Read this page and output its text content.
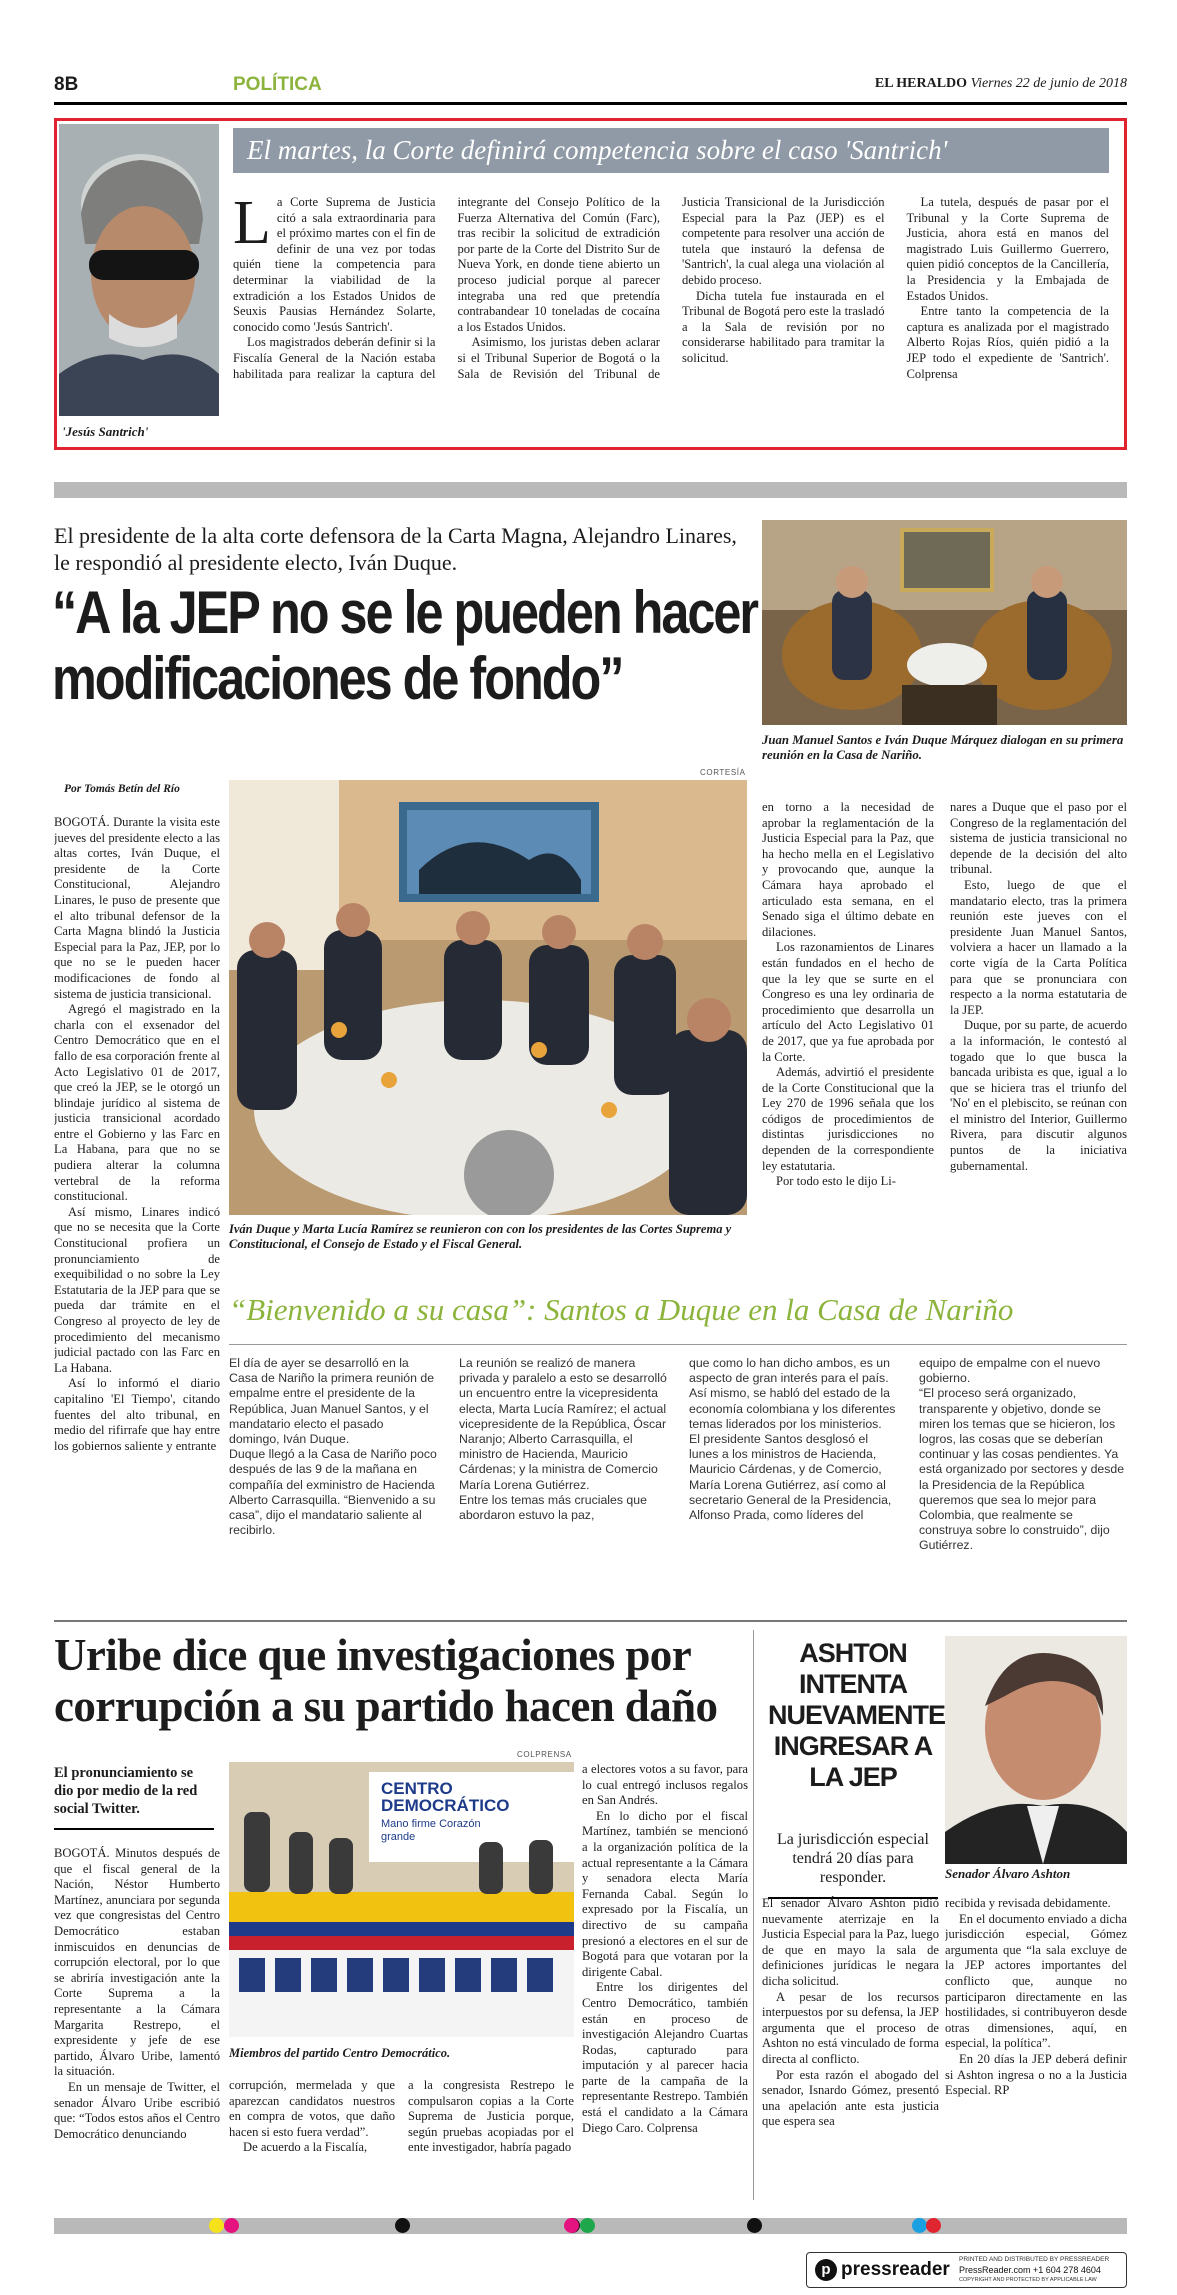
8B	POLÍTICA	EL HERALDO Viernes 22 de junio de 2018
'Jesús Santrich'
El martes, la Corte definirá competencia sobre el caso 'Santrich'

La Corte Suprema de Justicia citó a sala extraordinaria para el próximo martes con el fin de definir de una vez por todas quién tiene la competencia para determinar la viabilidad de la extradición a los Estados Unidos de Seuxis Pausias Hernández Solarte, conocido como 'Jesús Santrich'.

Los magistrados deberán definir si la Fiscalía General de la Nación estaba habilitada para realizar la captura del integrante del Consejo Político de la Fuerza Alternativa del Común (Farc), tras recibir la solicitud de extradición por parte de la Corte del Distrito Sur de Nueva York, en donde tiene abierto un proceso judicial porque al parecer integraba una red que pretendía contrabandear 10 toneladas de cocaína a los Estados Unidos.

Asimismo, los juristas deben aclarar si el Tribunal Superior de Bogotá o la Sala de Revisión del Tribunal de Justicia Transicional de la Jurisdicción Especial para la Paz (JEP) es el competente para resolver una acción de tutela que instauró la defensa de 'Santrich', la cual alega una violación al debido proceso.

Dicha tutela fue instaurada en el Tribunal de Bogotá pero este la trasladó a la Sala de revisión por no considerarse habilitado para tramitar la solicitud.

La tutela, después de pasar por el Tribunal y la Corte Suprema de Justicia, ahora está en manos del magistrado Luis Guillermo Guerrero, quien pidió conceptos de la Cancillería, la Presidencia y la Embajada de Estados Unidos.

Entre tanto la competencia de la captura es analizada por el magistrado Alberto Rojas Ríos, quién pidió a la JEP todo el expediente de 'Santrich'. Colprensa

El presidente de la alta corte defensora de la Carta Magna, Alejandro Linares, le respondió al presidente electo, Iván Duque.
“A la JEP no se le pueden hacer modificaciones de fondo”
Juan Manuel Santos e Iván Duque Márquez dialogan en su primera reunión en la Casa de Nariño.
Por Tomás Betín del Río
CORTESÍA
Iván Duque y Marta Lucía Ramírez se reunieron con con los presidentes de las Cortes Suprema y Constitucional, el Consejo de Estado y el Fiscal General.

BOGOTÁ. Durante la visita este jueves del presidente electo a las altas cortes, Iván Duque, el presidente de la Corte Constitucional, Alejandro Linares, le puso de presente que el alto tribunal defensor de la Carta Magna blindó la Justicia Especial para la Paz, JEP, por lo que no se le pueden hacer modificaciones de fondo al sistema de justicia transicional.

Agregó el magistrado en la charla con el exsenador del Centro Democrático que en el fallo de esa corporación frente al Acto Legislativo 01 de 2017, que creó la JEP, se le otorgó un blindaje jurídico al sistema de justicia transicional acordado entre el Gobierno y las Farc en La Habana, para que no se pudiera alterar la columna vertebral de la reforma constitucional.

Así mismo, Linares indicó que no se necesita que la Corte Constitucional profiera un pronunciamiento de exequibilidad o no sobre la Ley Estatutaria de la JEP para que se pueda dar trámite en el Congreso al proyecto de ley de procedimiento del mecanismo judicial pactado con las Farc en La Habana.

Así lo informó el diario capitalino 'El Tiempo', citando fuentes del alto tribunal, en medio del rifirrafe que hay entre los gobiernos saliente y entrante

en torno a la necesidad de aprobar la reglamentación de la Justicia Especial para la Paz, que ha hecho mella en el Legislativo y provocando que, aunque la Cámara haya aprobado el articulado esta semana, en el Senado siga el último debate en dilaciones.

Los razonamientos de Linares están fundados en el hecho de que la ley que se surte en el Congreso es una ley ordinaria de procedimiento que desarrolla un artículo del Acto Legislativo 01 de 2017, que ya fue aprobada por la Corte.

Además, advirtió el presidente de la Corte Constitucional que la Ley 270 de 1996 señala que los códigos de procedimientos de distintas jurisdicciones no dependen de la correspondiente ley estatutaria.

Por todo esto le dijo Li-

nares a Duque que el paso por el Congreso de la reglamentación del sistema de justicia transicional no depende de la decisión del alto tribunal.

Esto, luego de que el mandatario electo, tras la primera reunión este jueves con el presidente Juan Manuel Santos, volviera a hacer un llamado a la corte vigía de la Carta Política para que se pronunciara con respecto a la norma estatutaria de la JEP.

Duque, por su parte, de acuerdo a la información, le contestó al togado que lo que busca la bancada uribista es que, igual a lo que se hiciera tras el triunfo del 'No' en el plebiscito, se reúnan con el ministro del Interior, Guillermo Rivera, para discutir algunos puntos de la iniciativa gubernamental.

“Bienvenido a su casa”: Santos a Duque en la Casa de Nariño

El día de ayer se desarrolló en la Casa de Nariño la primera reunión de empalme entre el presidente de la República, Juan Manuel Santos, y el mandatario electo el pasado domingo, Iván Duque.

Duque llegó a la Casa de Nariño poco después de las 9 de la mañana en compañía del exministro de Hacienda Alberto Carrasquilla. “Bienvenido a su casa”, dijo el mandatario saliente al recibirlo.

La reunión se realizó de manera privada y paralelo a esto se desarrolló un encuentro entre la vicepresidenta electa, Marta Lucía Ramírez; el actual vicepresidente de la República, Óscar Naranjo; Alberto Carrasquilla, el ministro de Hacienda, Mauricio Cárdenas; y la ministra de Comercio María Lorena Gutiérrez.

Entre los temas más cruciales que abordaron estuvo la paz,

que como lo han dicho ambos, es un aspecto de gran interés para el país. Así mismo, se habló del estado de la economía colombiana y los diferentes temas liderados por los ministerios.

El presidente Santos desglosó el lunes a los ministros de Hacienda, Mauricio Cárdenas, y de Comercio, María Lorena Gutiérrez, así como al secretario General de la Presidencia, Alfonso Prada, como líderes del

equipo de empalme con el nuevo gobierno.

“El proceso será organizado, transparente y objetivo, donde se miren los temas que se hicieron, los logros, las cosas que se deberían continuar y las cosas pendientes. Ya está organizado por sectores y desde la Presidencia de la República queremos que sea lo mejor para Colombia, que realmente se construya sobre lo construido”, dijo Gutiérrez.

Uribe dice que investigaciones por corrupción a su partido hacen daño
El pronunciamiento se dio por medio de la red social Twitter.
COLPRENSA
CENTRO DEMOCRÁTICO
Mano firme Corazón grande
Miembros del partido Centro Democrático.

BOGOTÁ. Minutos después de que el fiscal general de la Nación, Néstor Humberto Martínez, anunciara por segunda vez que congresistas del Centro Democrático estaban inmiscuidos en denuncias de corrupción electoral, por lo que se abriría investigación ante la Corte Suprema a la representante a la Cámara Margarita Restrepo, el expresidente y jefe de ese partido, Álvaro Uribe, lamentó la situación.

En un mensaje de Twitter, el senador Álvaro Uribe escribió que: “Todos estos años el Centro Democrático denunciando

corrupción, mermelada y que aparezcan candidatos nuestros en compra de votos, que daño hacen si esto fuera verdad”.

De acuerdo a la Fiscalía,

a la congresista Restrepo le compulsaron copias a la Corte Suprema de Justicia porque, según pruebas acopiadas por el ente investigador, habría pagado

a electores votos a su favor, para lo cual entregó inclusos regalos en San Andrés.

En lo dicho por el fiscal Martínez, también se mencionó a la organización política de la actual representante a la Cámara y senadora electa María Fernanda Cabal. Según lo expresado por la Fiscalía, un directivo de su campaña presionó a electores en el sur de Bogotá para que votaran por la dirigente Cabal.

Entre los dirigentes del Centro Democrático, también están en proceso de investigación Alejandro Cuartas Rodas, capturado para imputación y al parecer hacia parte de la campaña de la representante Restrepo. También está el candidato a la Cámara Diego Caro. Colprensa

ASHTON INTENTA NUEVAMENTE INGRESAR A LA JEP
La jurisdicción especial tendrá 20 días para responder.	Senador Álvaro Ashton

El senador Álvaro Ashton pidió nuevamente aterrizaje en la Justicia Especial para la Paz, luego de que en mayo la sala de definiciones jurídicas le negara dicha solicitud.

A pesar de los recursos interpuestos por su defensa, la JEP argumenta que el proceso de Ashton no está vinculado de forma directa al conflicto.

Por esta razón el abogado del senador, Isnardo Gómez, presentó una apelación ante esta justicia que espera sea

recibida y revisada debidamente.

En el documento enviado a dicha jurisdicción especial, Gómez argumenta que “la sala excluye de la JEP actores importantes del conflicto que, aunque no participaron directamente en las hostilidades, si contribuyeron desde otras dimensiones, aquí, en especial, la política”.

En 20 días la JEP deberá definir si Ashton ingresa o no a la Justicia Especial. RP

p pressreader PRINTED AND DISTRIBUTED BY PRESSREADER
PressReader.com +1 604 278 4604
COPYRIGHT AND PROTECTED BY APPLICABLE LAW
